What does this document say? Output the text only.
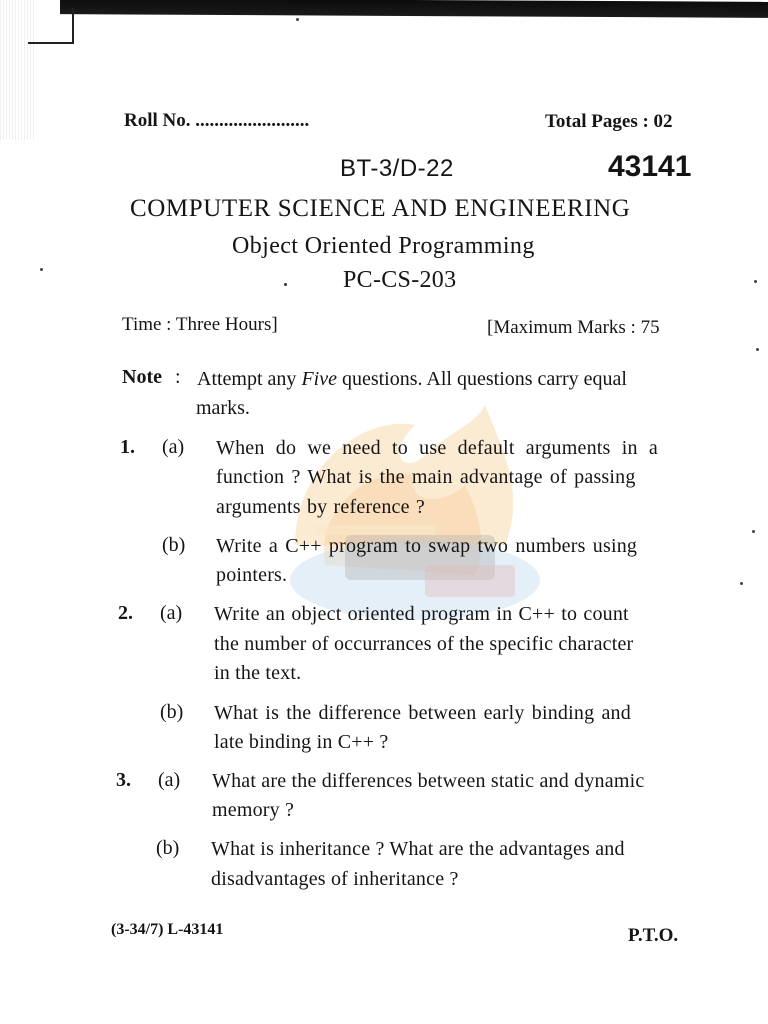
Roll No. ........................	Total Pages : 02
BT-3/D-22	43141
COMPUTER SCIENCE AND ENGINEERING
Object Oriented Programming
PC-CS-203
Time : Three Hours]	[Maximum Marks : 75
Note : Attempt any Five questions. All questions carry equal
marks.
1. (a) When do we need to use default arguments in a
function ? What is the main advantage of passing
arguments by reference ?
(b) Write a C++ program to swap two numbers using
pointers.
2. (a) Write an object oriented program in C++ to count
the number of occurrances of the specific character
in the text.
(b) What is the difference between early binding and
late binding in C++ ?
3. (a) What are the differences between static and dynamic
memory ?
(b) What is inheritance ? What are the advantages and
disadvantages of inheritance ?
(3-34/7) L-43141	P.T.O.
